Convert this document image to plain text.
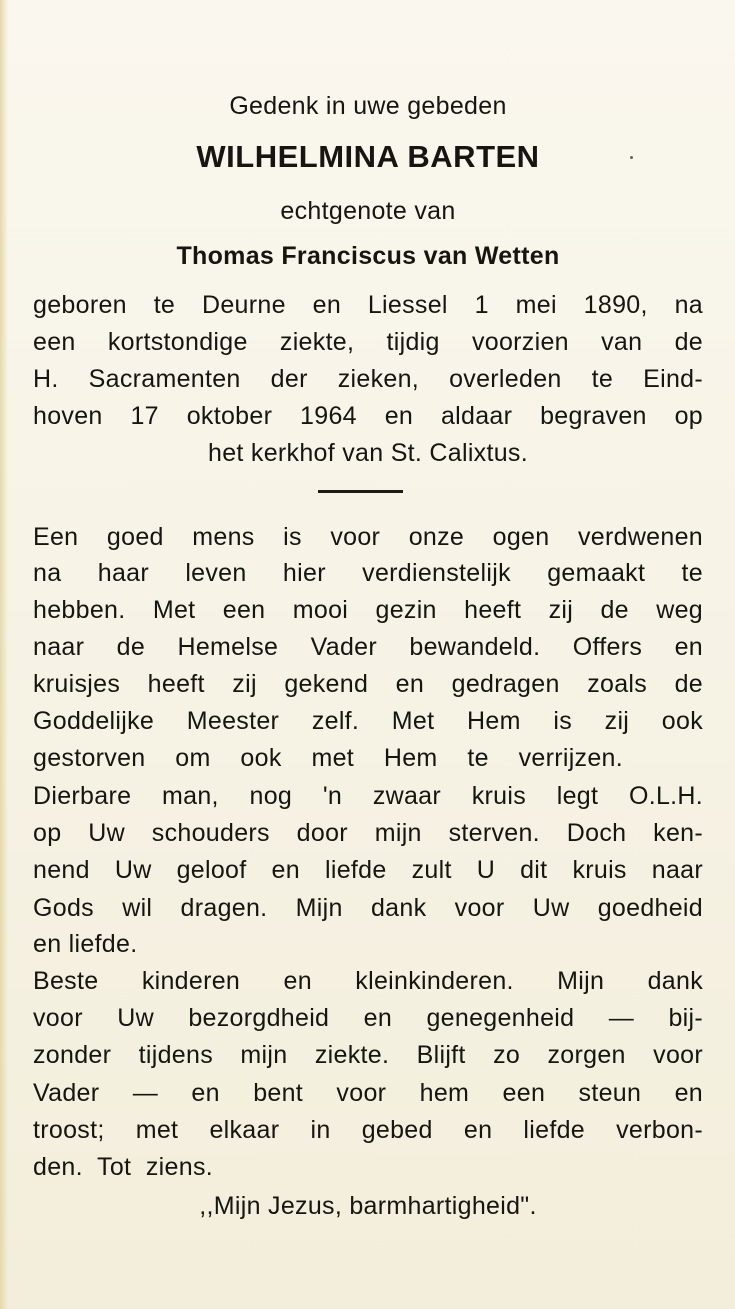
Gedenk in uwe gebeden
WILHELMINA BARTEN
echtgenote van
Thomas Franciscus van Wetten
geboren te Deurne en Liessel 1 mei 1890, na
een kortstondige ziekte, tijdig voorzien van de
H. Sacramenten der zieken, overleden te Eind-
hoven 17 oktober 1964 en aldaar begraven op
het kerkhof van St. Calixtus.
Een goed mens is voor onze ogen verdwenen
na haar leven hier verdienstelijk gemaakt te
hebben. Met een mooi gezin heeft zij de weg
naar de Hemelse Vader bewandeld. Offers en
kruisjes heeft zij gekend en gedragen zoals de
Goddelijke Meester zelf. Met Hem is zij ook
gestorven om ook met Hem te verrijzen.
Dierbare man, nog 'n zwaar kruis legt O.L.H.
op Uw schouders door mijn sterven. Doch ken-
nend Uw geloof en liefde zult U dit kruis naar
Gods wil dragen. Mijn dank voor Uw goedheid
en liefde.
Beste kinderen en kleinkinderen. Mijn dank
voor Uw bezorgdheid en genegenheid — bij-
zonder tijdens mijn ziekte. Blijft zo zorgen voor
Vader — en bent voor hem een steun en
troost; met elkaar in gebed en liefde verbon-
den. Tot ziens.
,,Mijn Jezus, barmhartigheid".
